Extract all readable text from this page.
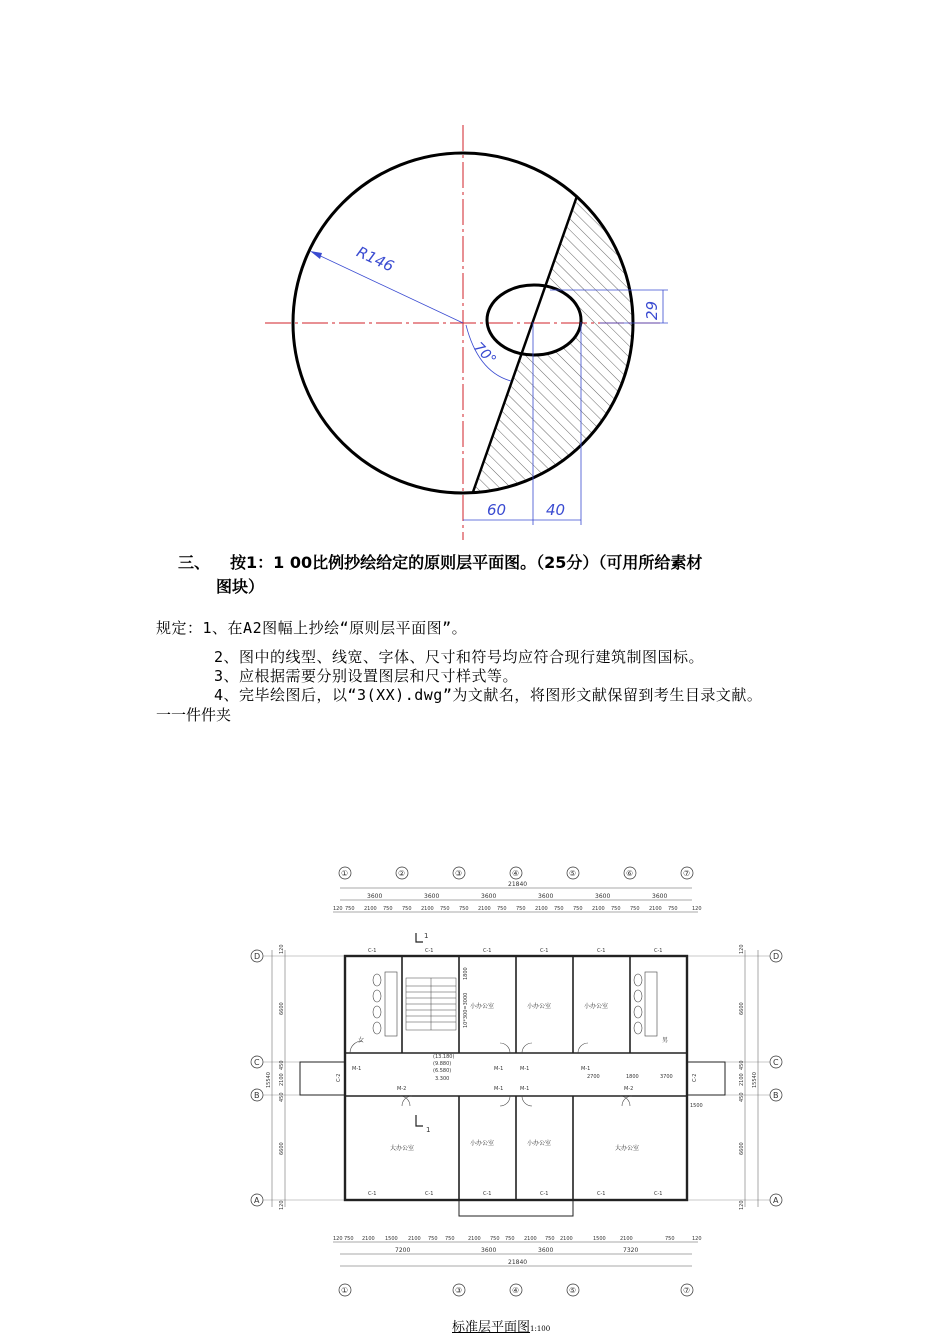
R146
70°
29
60	40
三、 按1：1 00比例抄绘给定的原则层平面图。（25分）（可用所给素材
图块）
规定：1、在A2图幅上抄绘“原则层平面图”。
2、图中的线型、线宽、字体、尺寸和符号均应符合现行建筑制图国标。
3、应根据需要分别设置图层和尺寸样式等。
4、完毕绘图后，以“3(XX).dwg”为文献名，将图形文献保留到考生目录文献。
一一件件夹
①	②	③	④	⑤	⑥	⑦
21840
3600	3600	3600	3600	3600	3600
120 750 2100 750 750 2100 750 750 2100 750 750 2100 750 750 2100 750 750 2100 750	120
D
C
B
A
D
C
B
A
120
6600
450
2100
450
6600
120
15540
120
6600
450
2100
450
6600
120
15540
小办公室	小办公室	小办公室
大办公室
小办公室	小办公室
大办公室
女	男
C-1	C-1	C-1	C-1	C-1	C-1
C-1	C-1	C-1	C-1	C-1	C-1
M-1	M-1	M-1	M-1
M-2	M-1	M-1	M-2
(13.180)
(9.880)
(6.580)
3.300
1800
10*300=3000
2700	1800	3700
1500
C-2	C-2
1
1
120 750 2100 1500 2100 750 750	2100 750 750 2100 750 2100	1500	2100	750	120
7200	3600	3600	7320
21840
①	③	④	⑤	⑦
标准层平面图1:100
